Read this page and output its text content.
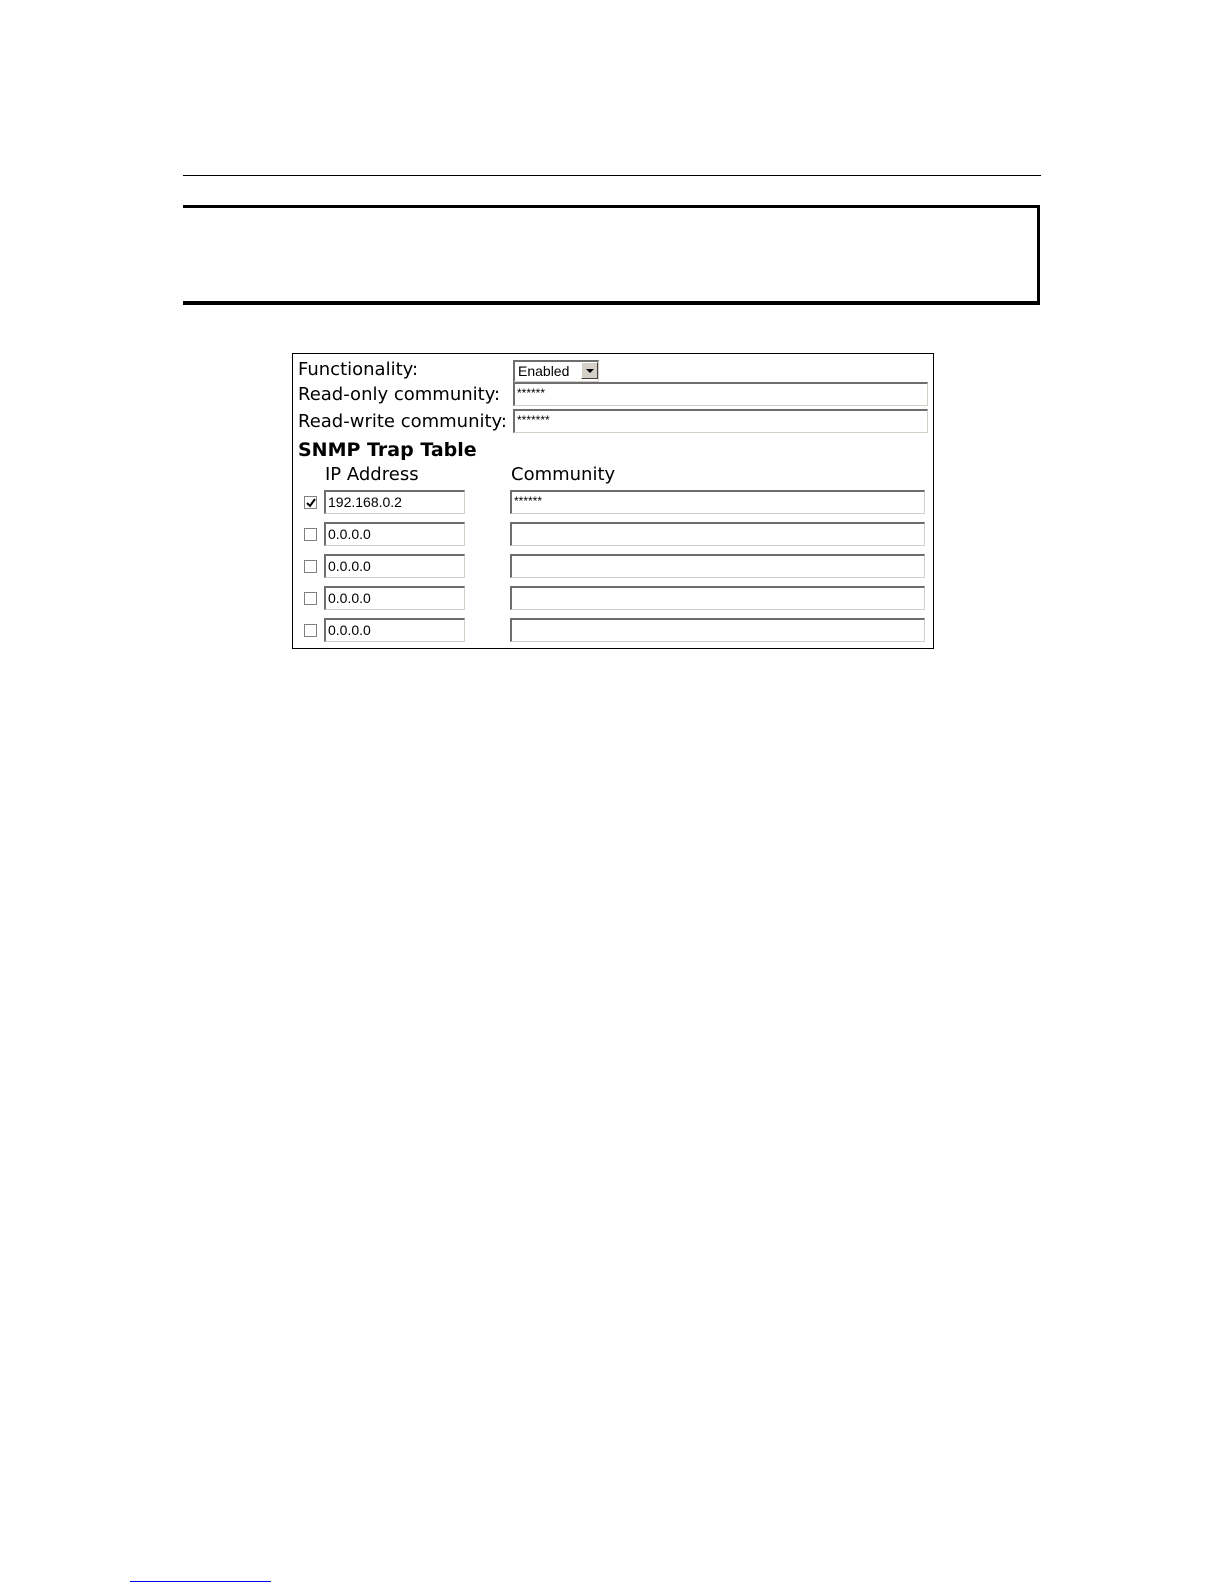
Functionality:	Enabled
Read-only community:	******
Read-write community: *******
SNMP Trap Table
IP Address	Community
192.168.0.2	******
0.0.0.0
0.0.0.0
0.0.0.0
0.0.0.0
